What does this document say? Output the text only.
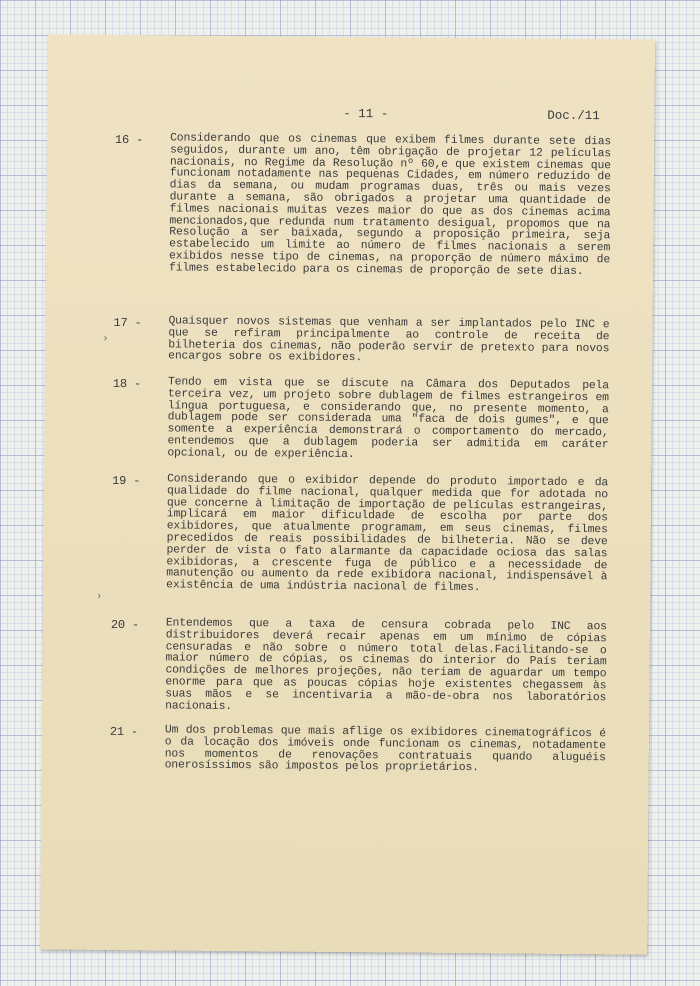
- 11 -	Doc./11
16 - Considerando que os cinemas que exibem filmes durante sete dias seguidos, durante um ano, têm obrigação de projetar 12 películas nacionais, no Regime da Resolução nº 60,e que existem cinemas que funcionam notadamente nas pequenas Cidades, em número reduzido de dias da semana, ou mudam programas duas, três ou mais vezes durante a semana, são obrigados a projetar uma quantidade de filmes nacionais muitas vezes maior do que as dos cinemas acima mencionados,que redunda num tratamento desigual, propomos que na Resolução a ser baixada, segundo a proposição primeira, seja estabelecido um limite ao número de filmes nacionais a serem exibidos nesse tipo de cinemas, na proporção de número máximo de filmes estabelecido para os cinemas de proporção de sete dias.

17 - Quaisquer novos sistemas que venham a ser implantados pelo INC e que se refiram principalmente ao controle de receita de bilheteria dos cinemas, não poderão servir de pretexto para novos encargos sobre os exibidores.

18 - Tendo em vista que se discute na Câmara dos Deputados pela terceira vez, um projeto sobre dublagem de filmes estrangeiros em língua portuguesa, e considerando que, no presente momento, a dublagem pode ser considerada uma "faca de dois gumes", e que somente a experiência demonstrará o comportamento do mercado, entendemos que a dublagem poderia ser admitida em caráter opcional, ou de experiência.

19 - Considerando que o exibidor depende do produto importado e da qualidade do filme nacional, qualquer medida que for adotada no que concerne à limitação de importação de películas estrangeiras, implicará em maior dificuldade de escolha por parte dos exibidores, que atualmente programam, em seus cinemas, filmes precedidos de reais possibilidades de bilheteria. Não se deve perder de vista o fato alarmante da capacidade ociosa das salas exibidoras, a crescente fuga de público e a necessidade de manutenção ou aumento da rede exibidora nacional, indispensável à existência de uma indústria nacional de filmes.

20 - Entendemos que a taxa de censura cobrada pelo INC aos distribuidores deverá recair apenas em um mínimo de cópias censuradas e não sobre o número total delas.Facilitando-se o maior número de cópias, os cinemas do interior do País teriam condições de melhores projeções, não teriam de aguardar um tempo enorme para que as poucas cópias hoje existentes chegassem às suas mãos e se incentivaria a mão-de-obra nos laboratórios nacionais.

21 - Um dos problemas que mais aflige os exibidores cinematográficos é o da locação dos imóveis onde funcionam os cinemas, notadamente nos momentos de renovações contratuais quando aluguéis onerosíssimos são impostos pelos proprietários.

›
›
